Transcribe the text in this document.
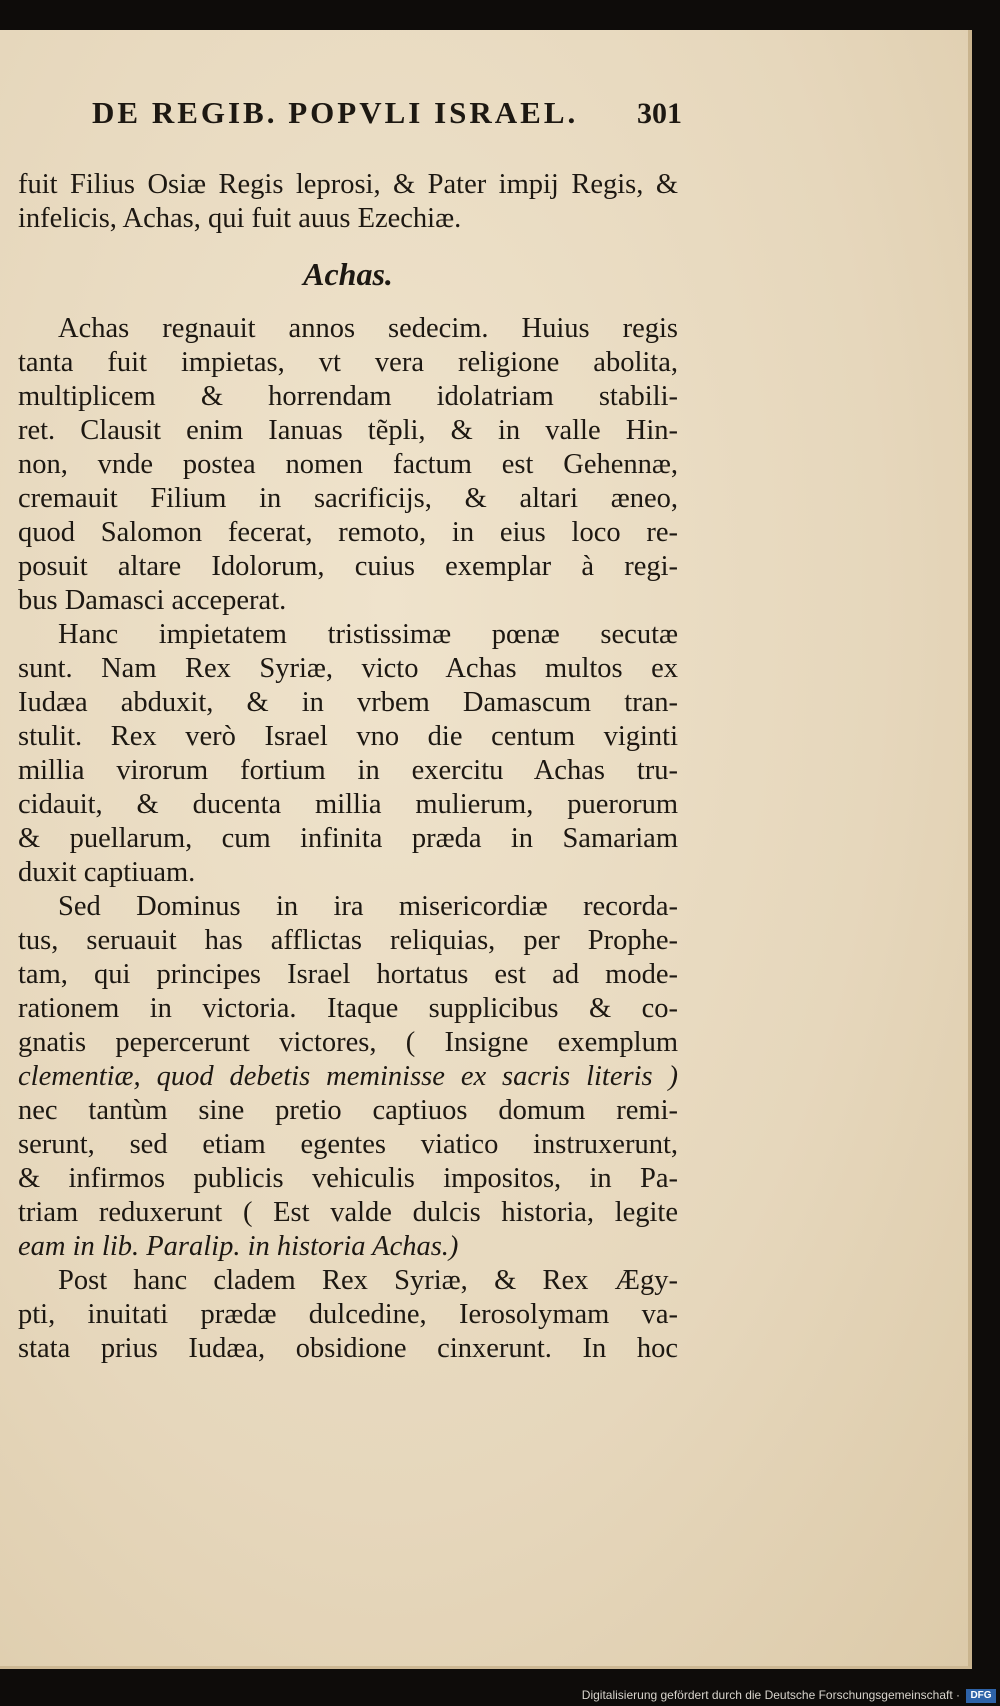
DE REGIB. POPVLI ISRAEL. 301
fuit Filius Osiæ Regis leprosi, & Pater impij Regis, &
infelicis, Achas, qui fuit auus Ezechiæ.
Achas.
Achas regnauit annos sedecim. Huius regis
tanta fuit impietas, vt vera religione abolita,
multiplicem & horrendam idolatriam stabili-
ret. Clausit enim Ianuas tẽpli, & in valle Hin-
non, vnde postea nomen factum est Gehennæ,
cremauit Filium in sacrificijs, & altari æneo,
quod Salomon fecerat, remoto, in eius loco re-
posuit altare Idolorum, cuius exemplar à regi-
bus Damasci acceperat.
Hanc impietatem tristissimæ pœnæ secutæ
sunt. Nam Rex Syriæ, victo Achas multos ex
Iudæa abduxit, & in vrbem Damascum tran-
stulit. Rex verò Israel vno die centum viginti
millia virorum fortium in exercitu Achas tru-
cidauit, & ducenta millia mulierum, puerorum
& puellarum, cum infinita præda in Samariam
duxit captiuam.
Sed Dominus in ira misericordiæ recorda-
tus, seruauit has afflictas reliquias, per Prophe-
tam, qui principes Israel hortatus est ad mode-
rationem in victoria. Itaque supplicibus & co-
gnatis pepercerunt victores, ( Insigne exemplum
clementiæ, quod debetis meminisse ex sacris literis )
nec tantùm sine pretio captiuos domum remi-
serunt, sed etiam egentes viatico instruxerunt,
& infirmos publicis vehiculis impositos, in Pa-
triam reduxerunt ( Est valde dulcis historia, legite
eam in lib. Paralip. in historia Achas.)
Post hanc cladem Rex Syriæ, & Rex Ægy-
pti, inuitati prædæ dulcedine, Ierosolymam va-
stata prius Iudæa, obsidione cinxerunt. In hoc
Digitalisierung gefördert durch die Deutsche Forschungsgemeinschaft ·	DFG
